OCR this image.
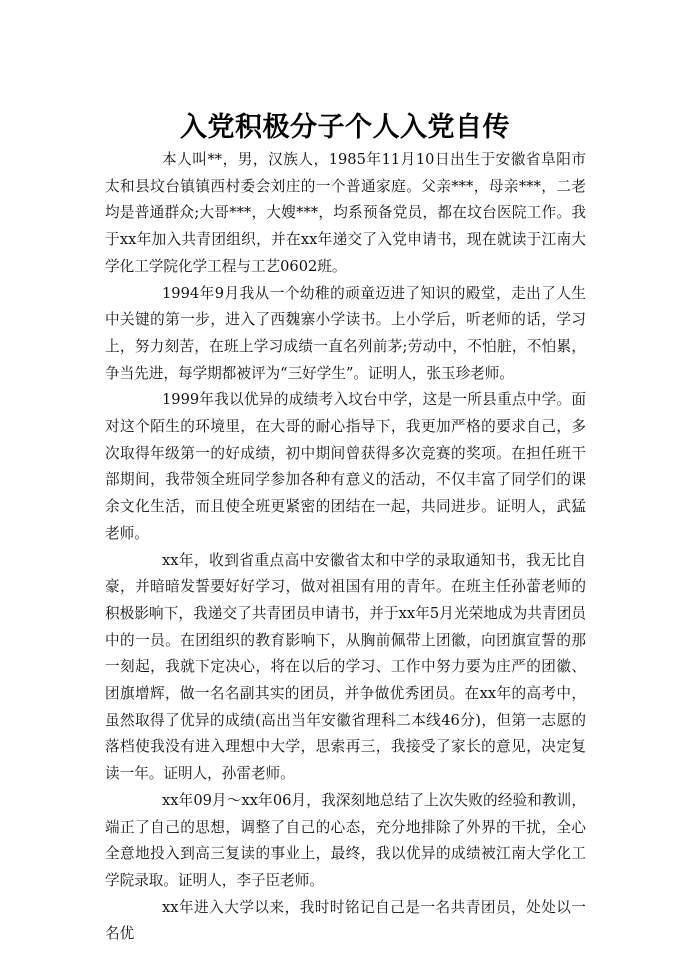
入党积极分子个人入党自传

本人叫**，男，汉族人，1985年11月10日出生于安徽省阜阳市太和县坟台镇镇西村委会刘庄的一个普通家庭。父亲***，母亲***，二老均是普通群众;大哥***，大嫂***，均系预备党员，都在坟台医院工作。我于xx年加入共青团组织，并在xx年递交了入党申请书，现在就读于江南大学化工学院化学工程与工艺0602班。

1994年9月我从一个幼稚的顽童迈进了知识的殿堂，走出了人生中关键的第一步，进入了西魏寨小学读书。上小学后，听老师的话，学习上，努力刻苦，在班上学习成绩一直名列前茅;劳动中，不怕脏，不怕累，争当先进，每学期都被评为“三好学生”。证明人，张玉珍老师。

1999年我以优异的成绩考入坟台中学，这是一所县重点中学。面对这个陌生的环境里，在大哥的耐心指导下，我更加严格的要求自己，多次取得年级第一的好成绩，初中期间曾获得多次竞赛的奖项。在担任班干部期间，我带领全班同学参加各种有意义的活动，不仅丰富了同学们的课余文化生活，而且使全班更紧密的团结在一起，共同进步。证明人，武猛老师。

xx年，收到省重点高中安徽省太和中学的录取通知书，我无比自豪，并暗暗发誓要好好学习，做对祖国有用的青年。在班主任孙蕾老师的积极影响下，我递交了共青团员申请书，并于xx年5月光荣地成为共青团员中的一员。在团组织的教育影响下，从胸前佩带上团徽，向团旗宣誓的那一刻起，我就下定决心，将在以后的学习、工作中努力要为庄严的团徽、团旗增辉，做一名名副其实的团员，并争做优秀团员。在xx年的高考中，虽然取得了优异的成绩(高出当年安徽省理科二本线46分)，但第一志愿的落档使我没有进入理想中大学，思索再三，我接受了家长的意见，决定复读一年。证明人，孙雷老师。

xx年09月～xx年06月，我深刻地总结了上次失败的经验和教训，端正了自己的思想，调整了自己的心态，充分地排除了外界的干扰，全心全意地投入到高三复读的事业上，最终，我以优异的成绩被江南大学化工学院录取。证明人，李子臣老师。

xx年进入大学以来，我时时铭记自己是一名共青团员，处处以一名优
